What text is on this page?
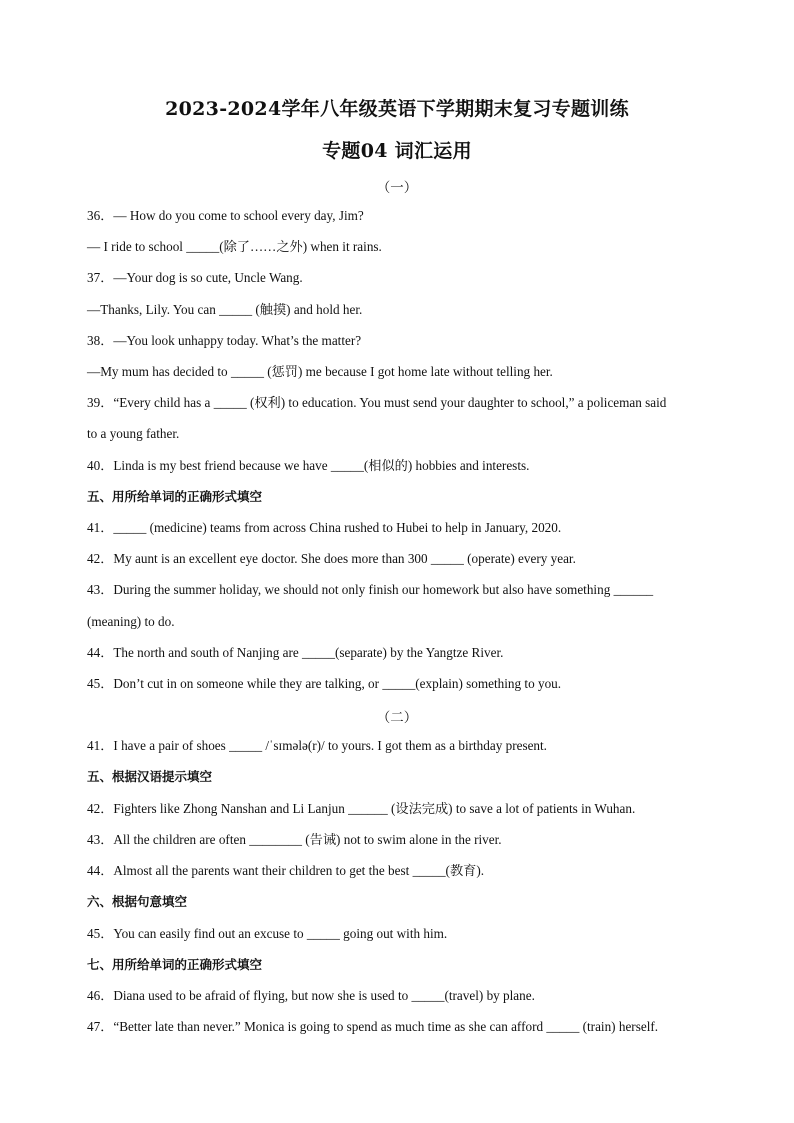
2023-2024学年八年级英语下学期期末复习专题训练
专题04 词汇运用
（一）
36．— How do you come to school every day, Jim?
— I ride to school _____(除了……之外) when it rains.
37．—Your dog is so cute, Uncle Wang.
—Thanks, Lily. You can _____ (触摸) and hold her.
38．—You look unhappy today. What’s the matter?
—My mum has decided to _____ (惩罚) me because I got home late without telling her.
39．“Every child has a _____ (权利) to education. You must send your daughter to school,” a policeman said
to a young father.
40．Linda is my best friend because we have _____(相似的) hobbies and interests.
五、用所给单词的正确形式填空
41．_____ (medicine) teams from across China rushed to Hubei to help in January, 2020.
42．My aunt is an excellent eye doctor. She does more than 300 _____ (operate) every year.
43．During the summer holiday, we should not only finish our homework but also have something ______
(meaning) to do.
44．The north and south of Nanjing are _____(separate) by the Yangtze River.
45．Don’t cut in on someone while they are talking, or _____(explain) something to you.
（二）
41．I have a pair of shoes _____ /ˈsɪmələ(r)/ to yours. I got them as a birthday present.
五、根据汉语提示填空
42．Fighters like Zhong Nanshan and Li Lanjun ______ (设法完成) to save a lot of patients in Wuhan.
43．All the children are often ________ (告诫) not to swim alone in the river.
44．Almost all the parents want their children to get the best _____(教育).
六、根据句意填空
45．You can easily find out an excuse to _____ going out with him.
七、用所给单词的正确形式填空
46．Diana used to be afraid of flying, but now she is used to _____(travel) by plane.
47．“Better late than never.” Monica is going to spend as much time as she can afford _____ (train) herself.
